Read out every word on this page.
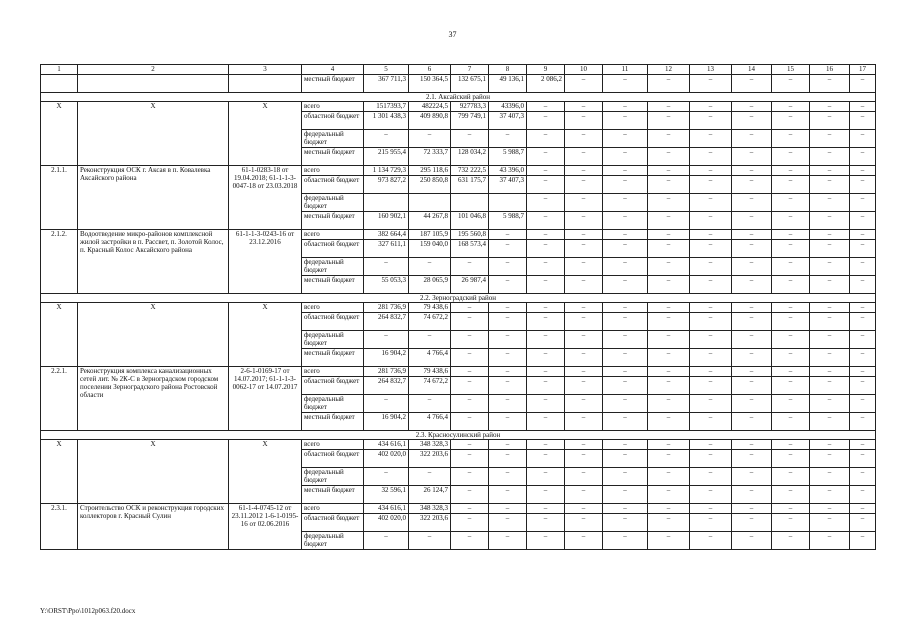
37
1	2	3	4	5	6	7	8	9	10	11	12	13	14	15	16	17
			местный бюджет	367 711,3	150 364,5	132 675,1	49 136,1	2 086,2	–	–	–	–	–	–	–	–
2.1. Аксайский район																
X	X	X	всего	1517393,7	482224,5	927783,3	43396,0	–	–	–	–	–	–	–	–	–
			областной бюджет	1 301 438,3	409 890,8	799 749,1	37 407,3	–	–	–	–	–	–	–	–	–
			федеральный бюджет	–	–	–	–	–	–	–	–	–	–	–	–	–
			местный бюджет	215 955,4	72 333,7	128 034,2	5 988,7	–	–	–	–	–	–	–	–	–
2.1.1.	Реконструкция ОСК г. Аксая в п. Ковалевка Аксайского района	61-1-0283-18 от 19.04.2018; 61-1-1-3-0047-18 от 23.03.2018	всего	1 134 729,3	295 118,6	732 222,5	43 396,0	–	–	–	–	–	–	–	–	–
			областной бюджет	973 827,2	250 850,8	631 175,7	37 407,3	–	–	–	–	–	–	–	–	–
			федеральный бюджет					–	–	–	–	–	–	–	–	–
			местный бюджет	160 902,1	44 267,8	101 046,8	5 988,7	–	–	–	–	–	–	–	–	–
2.1.2.	Водоотведение микро-районов комплексной жилой застройки в п. Рассвет, п. Золотой Колос, п. Красный Колос Аксайского района	61-1-1-3-0243-16 от 23.12.2016	всего	382 664,4	187 105,9	195 560,8	–	–	–	–	–	–	–	–	–	–
			областной бюджет	327 611,1	159 040,0	168 573,4	–	–	–	–	–	–	–	–	–	–
			федеральный бюджет	–	–	–	–	–	–	–	–	–	–	–	–	–
			местный бюджет	55 053,3	28 065,9	26 987,4	–	–	–	–	–	–	–	–	–	–
2.2. Зерноградский район																
X	X	X	всего	281 736,9	79 438,6	–	–	–	–	–	–	–	–	–	–	–
			областной бюджет	264 832,7	74 672,2	–	–	–	–	–	–	–	–	–	–	–
			федеральный бюджет	–	–	–	–	–	–	–	–	–	–	–	–	–
			местный бюджет	16 904,2	4 766,4	–	–	–	–	–	–	–	–	–	–	–
2.2.1.	Реконструкция комплекса канализационных сетей лит. № 2К-С в Зерноградском городском поселении Зерноградского района Ростовской области	2-6-1-0169-17 от 14.07.2017; 61-1-1-3-0062-17 от 14.07.2017	всего	281 736,9	79 438,6	–	–	–	–	–	–	–	–	–	–	–
			областной бюджет	264 832,7	74 672,2	–	–	–	–	–	–	–	–	–	–	–
			федеральный бюджет	–	–	–	–	–	–	–	–	–	–	–	–	–
			местный бюджет	16 904,2	4 766,4	–	–	–	–	–	–	–	–	–	–	–
2.3. Красносулинский район																
X	X	X	всего	434 616,1	348 328,3	–	–	–	–	–	–	–	–	–	–	–
			областной бюджет	402 020,0	322 203,6	–	–	–	–	–	–	–	–	–	–	–
			федеральный бюджет	–	–	–	–	–	–	–	–	–	–	–	–	–
			местный бюджет	32 596,1	26 124,7	–	–	–	–	–	–	–	–	–	–	–
2.3.1.	Строительство ОСК и реконструкция городских коллекторов г. Красный Сулин	61-1-4-0745-12 от 23.11.2012 1-6-1-0195-16 от 02.06.2016	всего	434 616,1	348 328,3	–	–	–	–	–	–	–	–	–	–	–
			областной бюджет	402 020,0	322 203,6	–	–	–	–	–	–	–	–	–	–	–
			федеральный бюджет	–	–	–	–	–	–	–	–	–	–	–	–	–
Y:\ORST\Ppo\1012p063.f20.docx
